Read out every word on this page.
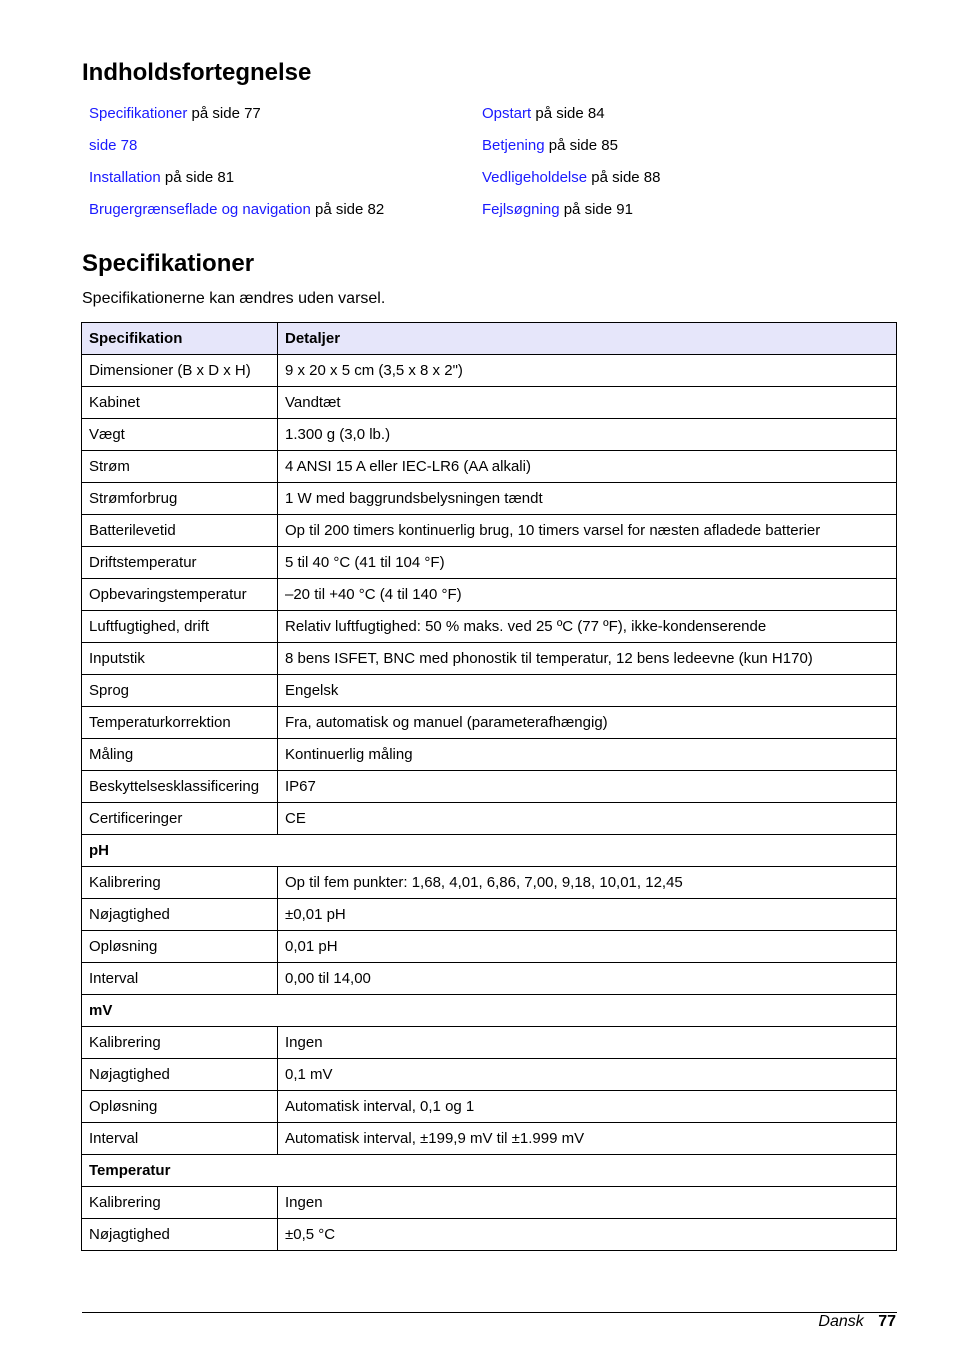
Indholdsfortegnelse
Specifikationer på side 77
side 78
Installation på side 81
Brugergrænseflade og navigation på side 82
Opstart på side 84
Betjening på side 85
Vedligeholdelse på side 88
Fejlsøgning på side 91
Specifikationer
Specifikationerne kan ændres uden varsel.
Specifikation	Detaljer
Dimensioner (B x D x H)	9 x 20 x 5 cm (3,5 x 8 x 2")
Kabinet	Vandtæt
Vægt	1.300 g (3,0 lb.)
Strøm	4 ANSI 15 A eller IEC-LR6 (AA alkali)
Strømforbrug	1 W med baggrundsbelysningen tændt
Batterilevetid	Op til 200 timers kontinuerlig brug, 10 timers varsel for næsten afladede batterier
Driftstemperatur	5 til 40 °C (41 til 104 °F)
Opbevaringstemperatur	–20 til +40 °C (4 til 140 °F)
Luftfugtighed, drift	Relativ luftfugtighed: 50 % maks. ved 25 ºC (77 ºF), ikke-kondenserende
Inputstik	8 bens ISFET, BNC med phonostik til temperatur, 12 bens ledeevne (kun H170)
Sprog	Engelsk
Temperaturkorrektion	Fra, automatisk og manuel (parameterafhængig)
Måling	Kontinuerlig måling
Beskyttelsesklassificering	IP67
Certificeringer	CE
pH	
Kalibrering	Op til fem punkter: 1,68, 4,01, 6,86, 7,00, 9,18, 10,01, 12,45
Nøjagtighed	±0,01 pH
Opløsning	0,01 pH
Interval	0,00 til 14,00
mV	
Kalibrering	Ingen
Nøjagtighed	0,1 mV
Opløsning	Automatisk interval, 0,1 og 1
Interval	Automatisk interval, ±199,9 mV til ±1.999 mV
Temperatur	
Kalibrering	Ingen
Nøjagtighed	±0,5 °C
Dansk 77
